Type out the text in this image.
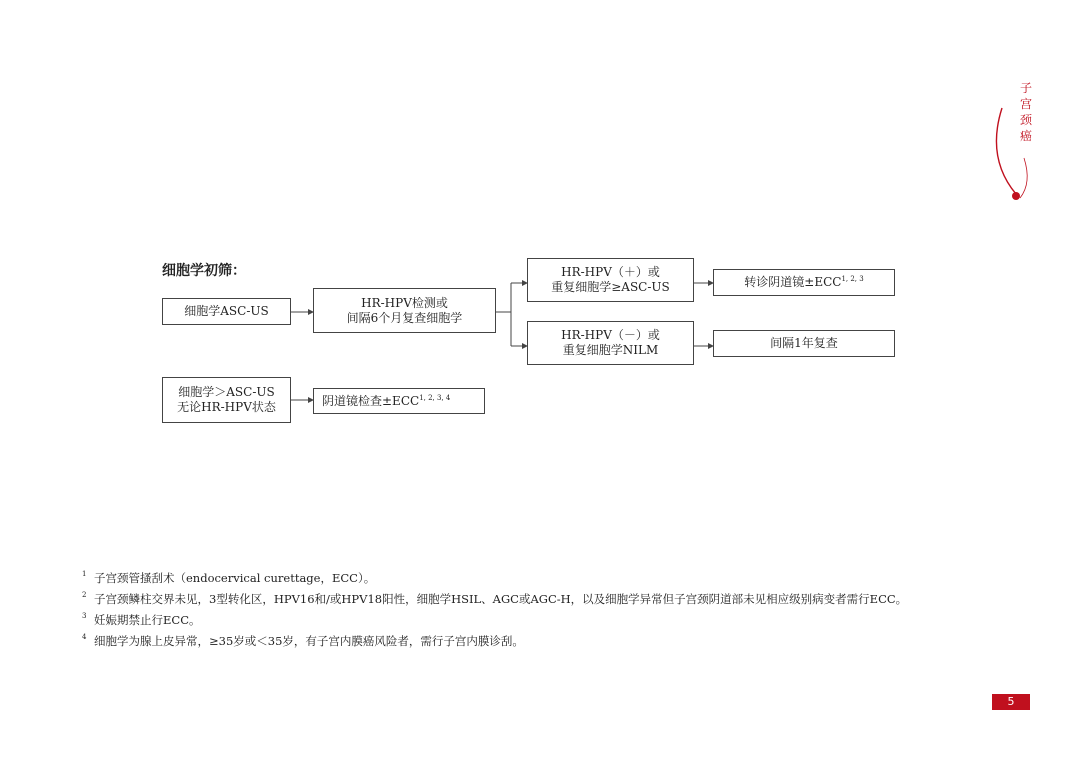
子
宫
颈
癌
细胞学初筛：
细胞学ASC-US
HR-HPV检测或
间隔6个月复查细胞学
HR-HPV（＋）或
重复细胞学≥ASC-US	转诊阴道镜±ECC$^{1, 2, 3}$
HR-HPV（－）或
重复细胞学NILM	间隔1年复查
细胞学＞ASC-US
无论HR-HPV状态	阴道镜检查±ECC$^{1, 2, 3, 4}$
1 子宫颈管搔刮术（endocervical curettage，ECC）。
2 子宫颈鳞柱交界未见，3型转化区，HPV16和/或HPV18阳性，细胞学HSIL、AGC或AGC-H，以及细胞学异常但子宫颈阴道部未见相应级别病变者需行ECC。
3 妊娠期禁止行ECC。
4 细胞学为腺上皮异常，≥35岁或＜35岁，有子宫内膜癌风险者，需行子宫内膜诊刮。
5
